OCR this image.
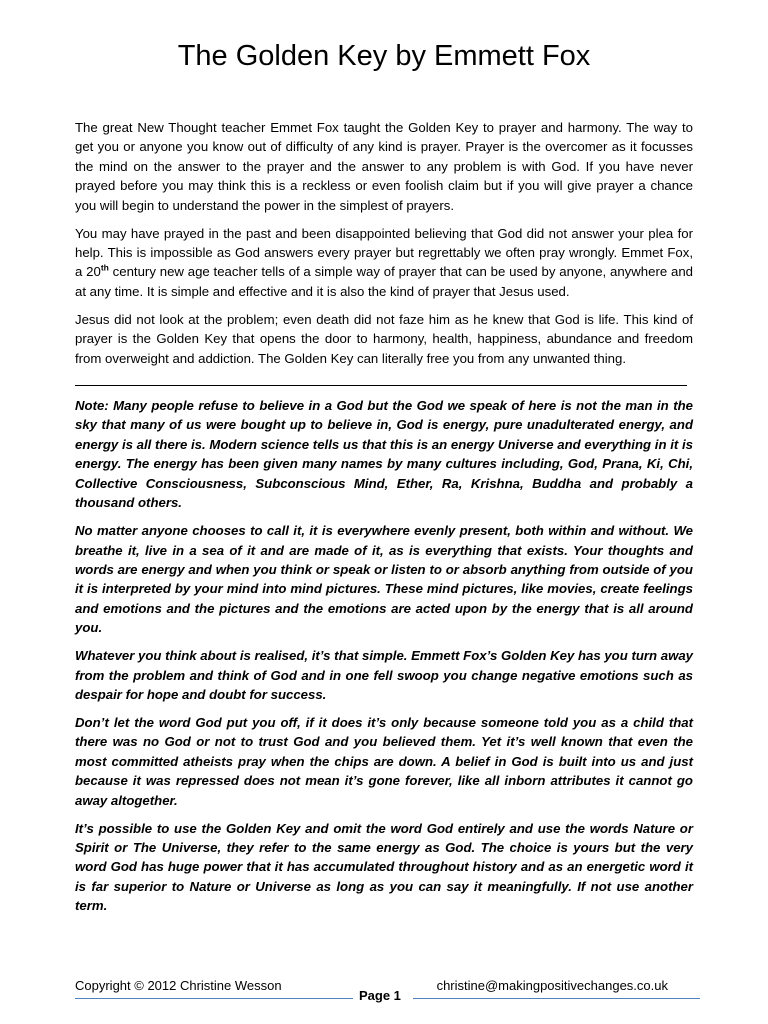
The Golden Key by Emmett Fox

The great New Thought teacher Emmet Fox taught the Golden Key to prayer and harmony. The way to get you or anyone you know out of difficulty of any kind is prayer. Prayer is the overcomer as it focusses the mind on the answer to the prayer and the answer to any problem is with God. If you have never prayed before you may think this is a reckless or even foolish claim but if you will give prayer a chance you will begin to understand the power in the simplest of prayers.

You may have prayed in the past and been disappointed believing that God did not answer your plea for help. This is impossible as God answers every prayer but regrettably we often pray wrongly. Emmet Fox, a 20th century new age teacher tells of a simple way of prayer that can be used by anyone, anywhere and at any time. It is simple and effective and it is also the kind of prayer that Jesus used.

Jesus did not look at the problem; even death did not faze him as he knew that God is life. This kind of prayer is the Golden Key that opens the door to harmony, health, happiness, abundance and freedom from overweight and addiction. The Golden Key can literally free you from any unwanted thing.

Note: Many people refuse to believe in a God but the God we speak of here is not the man in the sky that many of us were bought up to believe in, God is energy, pure unadulterated energy, and energy is all there is. Modern science tells us that this is an energy Universe and everything in it is energy. The energy has been given many names by many cultures including, God, Prana, Ki, Chi, Collective Consciousness, Subconscious Mind, Ether, Ra, Krishna, Buddha and probably a thousand others.

No matter anyone chooses to call it, it is everywhere evenly present, both within and without. We breathe it, live in a sea of it and are made of it, as is everything that exists. Your thoughts and words are energy and when you think or speak or listen to or absorb anything from outside of you it is interpreted by your mind into mind pictures. These mind pictures, like movies, create feelings and emotions and the pictures and the emotions are acted upon by the energy that is all around you.

Whatever you think about is realised, it’s that simple. Emmett Fox’s Golden Key has you turn away from the problem and think of God and in one fell swoop you change negative emotions such as despair for hope and doubt for success.

Don’t let the word God put you off, if it does it’s only because someone told you as a child that there was no God or not to trust God and you believed them. Yet it’s well known that even the most committed atheists pray when the chips are down. A belief in God is built into us and just because it was repressed does not mean it’s gone forever, like all inborn attributes it cannot go away altogether.

It’s possible to use the Golden Key and omit the word God entirely and use the words Nature or Spirit or The Universe, they refer to the same energy as God. The choice is yours but the very word God has huge power that it has accumulated throughout history and as an energetic word it is far superior to Nature or Universe as long as you can say it meaningfully. If not use another term.

Copyright © 2012 Christine Wesson
Page 1
christine@makingpositivechanges.co.uk
